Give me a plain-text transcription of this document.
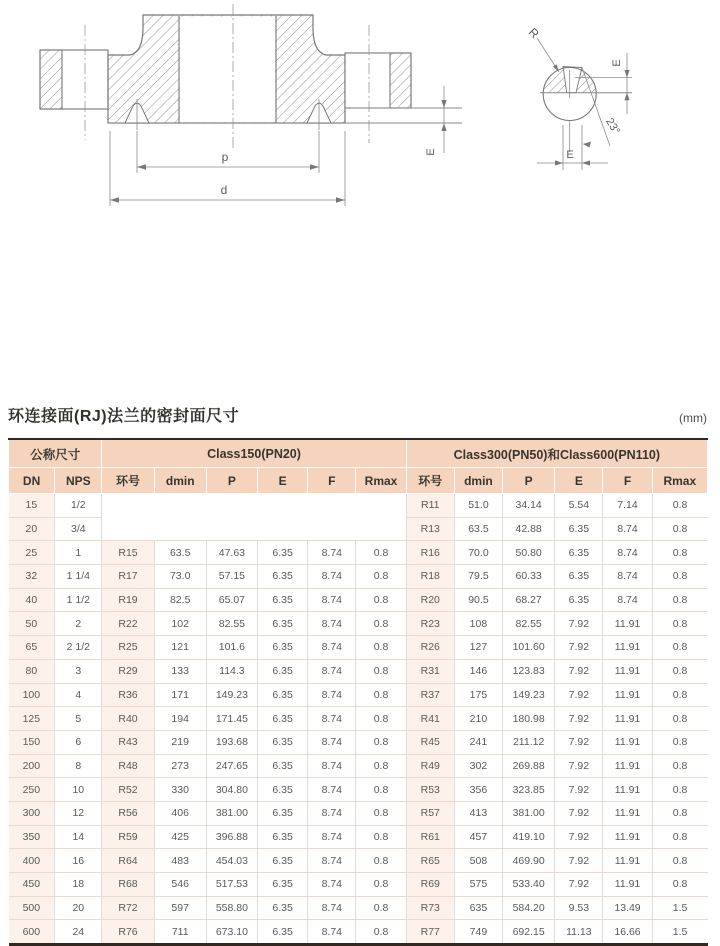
p
d
E
R
23°
E
E
环连接面(RJ)法兰的密封面尺寸	(mm)
公称尺寸		Class150(PN20)						Class300(PN50)和Class600(PN110)					
DN	NPS	环号	dmin	P	E	F	Rmax	环号	dmin	P	E	F	Rmax
15	1/2							R11	51.0	34.14	5.54	7.14	0.8
20	3/4							R13	63.5	42.88	6.35	8.74	0.8
25	1	R15	63.5	47.63	6.35	8.74	0.8	R16	70.0	50.80	6.35	8.74	0.8
32	1 1/4	R17	73.0	57.15	6.35	8.74	0.8	R18	79.5	60.33	6.35	8.74	0.8
40	1 1/2	R19	82.5	65.07	6.35	8.74	0.8	R20	90.5	68.27	6.35	8.74	0.8
50	2	R22	102	82.55	6.35	8.74	0.8	R23	108	82.55	7.92	11.91	0.8
65	2 1/2	R25	121	101.6	6.35	8.74	0.8	R26	127	101.60	7.92	11.91	0.8
80	3	R29	133	114.3	6.35	8.74	0.8	R31	146	123.83	7.92	11.91	0.8
100	4	R36	171	149.23	6.35	8.74	0.8	R37	175	149.23	7.92	11.91	0.8
125	5	R40	194	171.45	6.35	8.74	0.8	R41	210	180.98	7.92	11.91	0.8
150	6	R43	219	193.68	6.35	8.74	0.8	R45	241	211.12	7.92	11.91	0.8
200	8	R48	273	247.65	6.35	8.74	0.8	R49	302	269.88	7.92	11.91	0.8
250	10	R52	330	304.80	6.35	8.74	0.8	R53	356	323.85	7.92	11.91	0.8
300	12	R56	406	381.00	6.35	8.74	0.8	R57	413	381.00	7.92	11.91	0.8
350	14	R59	425	396.88	6.35	8.74	0.8	R61	457	419.10	7.92	11.91	0.8
400	16	R64	483	454.03	6.35	8.74	0.8	R65	508	469.90	7.92	11.91	0.8
450	18	R68	546	517.53	6.35	8.74	0.8	R69	575	533.40	7.92	11.91	0.8
500	20	R72	597	558.80	6.35	8.74	0.8	R73	635	584.20	9.53	13.49	1.5
600	24	R76	711	673.10	6.35	8.74	0.8	R77	749	692.15	11.13	16.66	1.5
